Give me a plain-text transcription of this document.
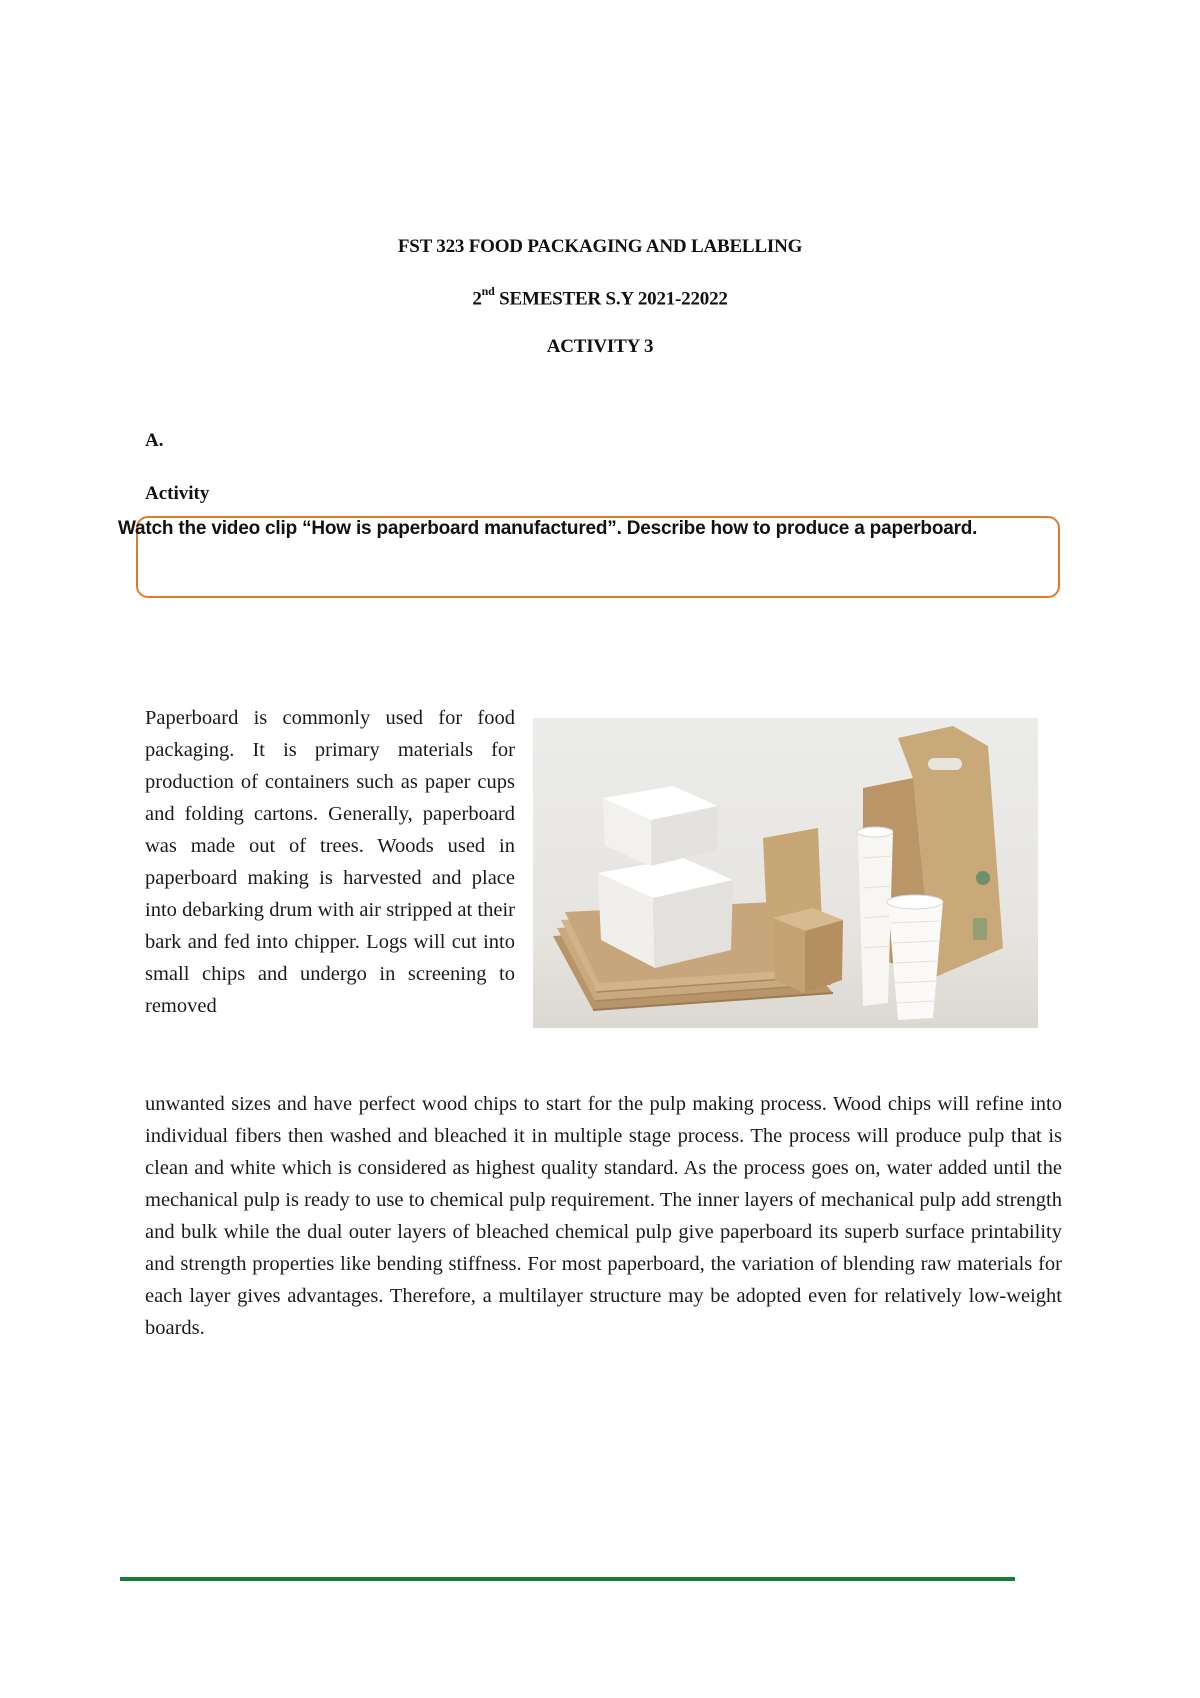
FST 323 FOOD PACKAGING AND LABELLING
2nd SEMESTER S.Y 2021-22022
ACTIVITY 3
A.
Activity
Watch the video clip “How is paperboard manufactured”. Describe how to produce a paperboard.
Paperboard is commonly used for food packaging. It is primary materials for production of containers such as paper cups and folding cartons. Generally, paperboard was made out of trees. Woods used in paperboard making is harvested and place into debarking drum with air stripped at their bark and fed into chipper. Logs will cut into small chips and undergo in screening to removed
unwanted sizes and have perfect wood chips to start for the pulp making process. Wood chips will refine into individual fibers then washed and bleached it in multiple stage process. The process will produce pulp that is clean and white which is considered as highest quality standard. As the process goes on, water added until the mechanical pulp is ready to use to chemical pulp requirement. The inner layers of mechanical pulp add strength and bulk while the dual outer layers of bleached chemical pulp give paperboard its superb surface printability and strength properties like bending stiffness. For most paperboard, the variation of blending raw materials for each layer gives advantages. Therefore, a multilayer structure may be adopted even for relatively low-weight boards.
